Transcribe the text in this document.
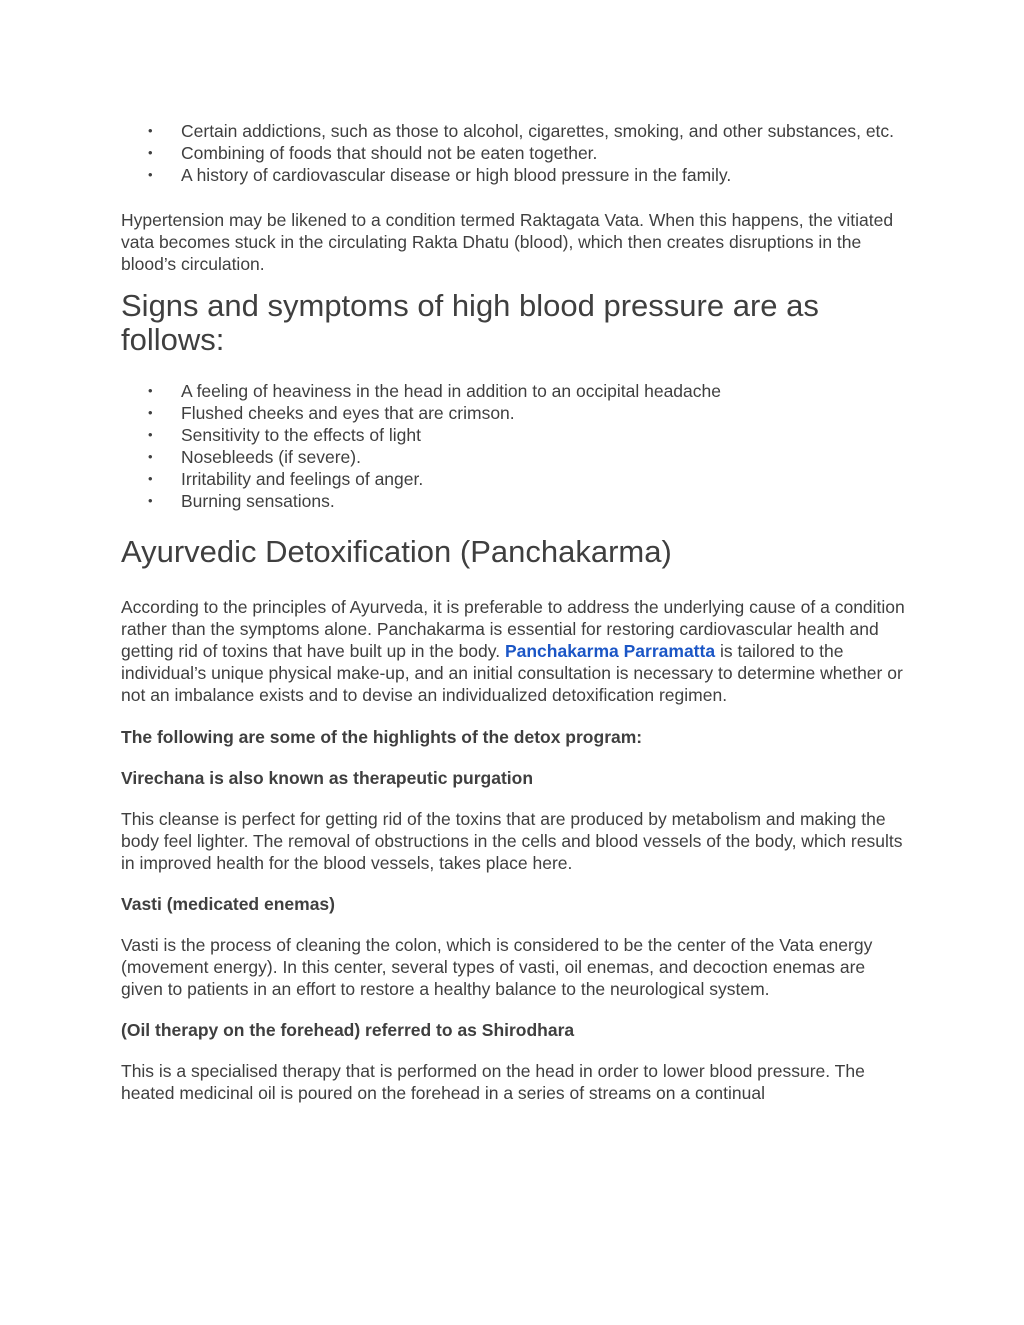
• Certain addictions, such as those to alcohol, cigarettes, smoking, and other substances, etc.
• Combining of foods that should not be eaten together.
• A history of cardiovascular disease or high blood pressure in the family.

Hypertension may be likened to a condition termed Raktagata Vata. When this happens, the vitiated vata becomes stuck in the circulating Rakta Dhatu (blood), which then creates disruptions in the blood’s circulation.

Signs and symptoms of high blood pressure are as follows:
• A feeling of heaviness in the head in addition to an occipital headache
• Flushed cheeks and eyes that are crimson.
• Sensitivity to the effects of light
• Nosebleeds (if severe).
• Irritability and feelings of anger.
• Burning sensations.
Ayurvedic Detoxification (Panchakarma)

According to the principles of Ayurveda, it is preferable to address the underlying cause of a condition rather than the symptoms alone. Panchakarma is essential for restoring cardiovascular health and getting rid of toxins that have built up in the body. Panchakarma Parramatta is tailored to the individual’s unique physical make-up, and an initial consultation is necessary to determine whether or not an imbalance exists and to devise an individualized detoxification regimen.

The following are some of the highlights of the detox program:

Virechana is also known as therapeutic purgation

This cleanse is perfect for getting rid of the toxins that are produced by metabolism and making the body feel lighter. The removal of obstructions in the cells and blood vessels of the body, which results in improved health for the blood vessels, takes place here.

Vasti (medicated enemas)

Vasti is the process of cleaning the colon, which is considered to be the center of the Vata energy (movement energy). In this center, several types of vasti, oil enemas, and decoction enemas are given to patients in an effort to restore a healthy balance to the neurological system.

(Oil therapy on the forehead) referred to as Shirodhara

This is a specialised therapy that is performed on the head in order to lower blood pressure. The heated medicinal oil is poured on the forehead in a series of streams on a continual
